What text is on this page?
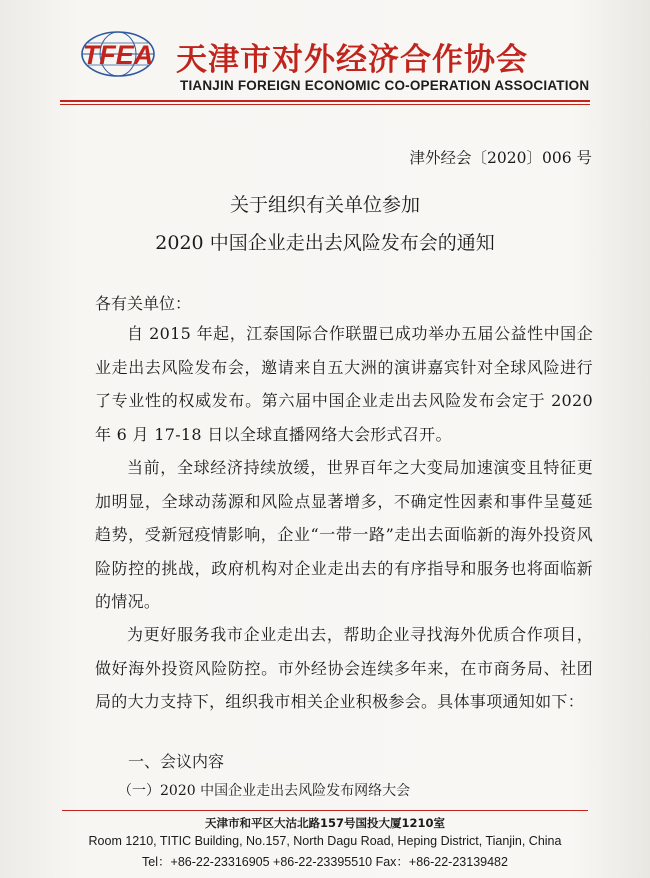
TFEA 天津市对外经济合作协会
TIANJIN FOREIGN ECONOMIC CO-OPERATION ASSOCIATION
津外经会〔2020〕006 号
关于组织有关单位参加
2020 中国企业走出去风险发布会的通知
各有关单位：

自 2015 年起，江泰国际合作联盟已成功举办五届公益性中国企业走出去风险发布会，邀请来自五大洲的演讲嘉宾针对全球风险进行了专业性的权威发布。第六届中国企业走出去风险发布会定于 2020 年 6 月 17-18 日以全球直播网络大会形式召开。

当前，全球经济持续放缓，世界百年之大变局加速演变且特征更加明显，全球动荡源和风险点显著增多，不确定性因素和事件呈蔓延趋势，受新冠疫情影响，企业“一带一路”走出去面临新的海外投资风险防控的挑战，政府机构对企业走出去的有序指导和服务也将面临新的情况。

为更好服务我市企业走出去，帮助企业寻找海外优质合作项目，做好海外投资风险防控。市外经协会连续多年来，在市商务局、社团局的大力支持下，组织我市相关企业积极参会。具体事项通知如下：

一、会议内容
（一）2020 中国企业走出去风险发布网络大会
天津市和平区大沽北路157号国投大厦1210室
Room 1210, TITIC Building, No.157, North Dagu Road, Heping District, Tianjin, China
Tel：+86-22-23316905 +86-22-23395510 Fax：+86-22-23139482
